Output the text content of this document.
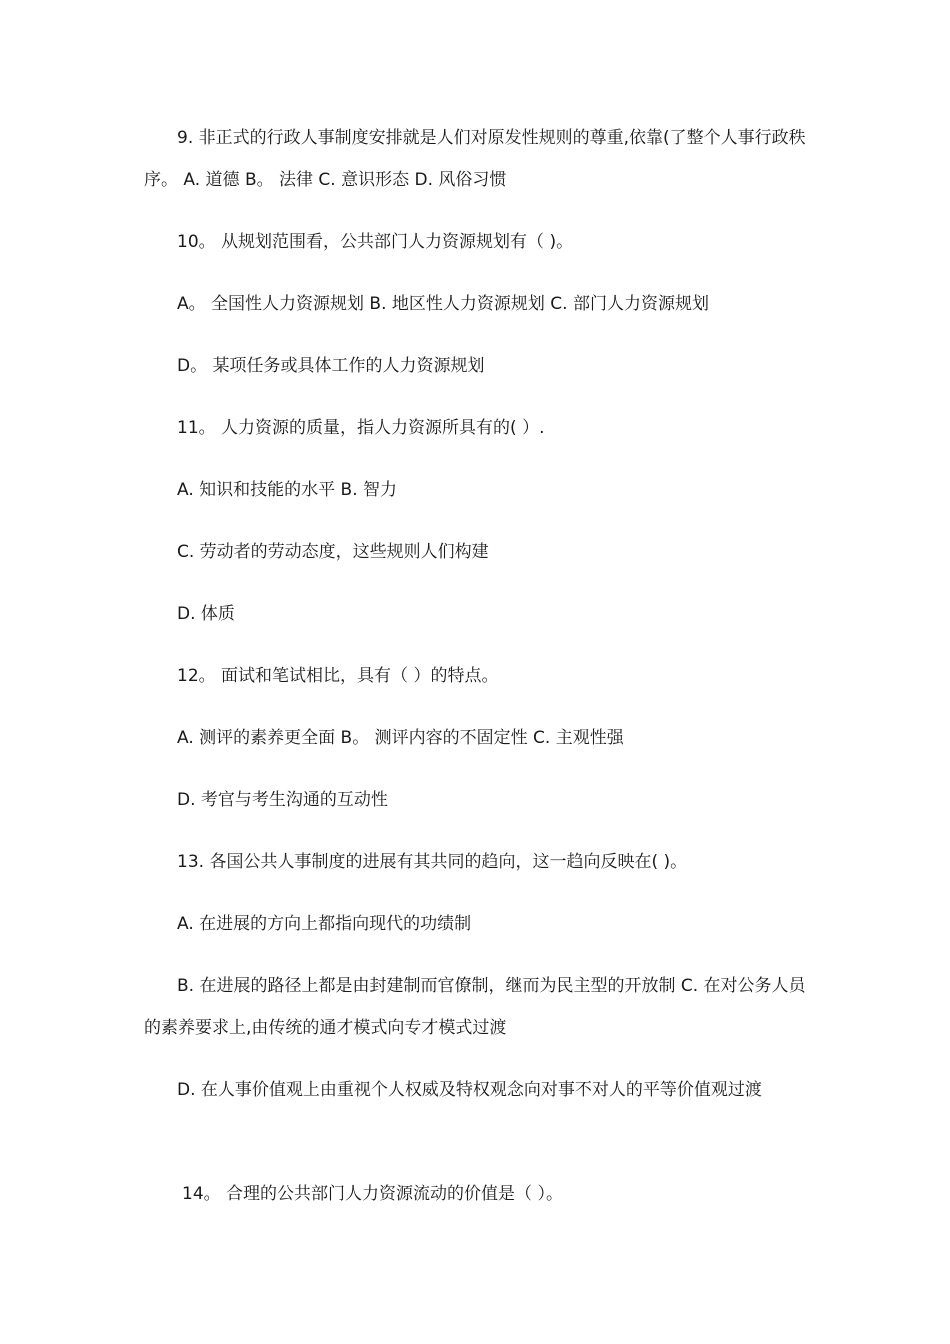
9. 非正式的行政人事制度安排就是人们对原发性规则的尊重,依靠(了整个人事行政秩序。 A. 道德 B。 法律 C. 意识形态 D. 风俗习惯

10。 从规划范围看，公共部门人力资源规划有（ )。

A。 全国性人力资源规划 B. 地区性人力资源规划 C. 部门人力资源规划

D。 某项任务或具体工作的人力资源规划

11。 人力资源的质量，指人力资源所具有的( ）.

A. 知识和技能的水平 B. 智力

C. 劳动者的劳动态度，这些规则人们构建

D. 体质

12。 面试和笔试相比，具有（ ）的特点。

A. 测评的素养更全面 B。 测评内容的不固定性 C. 主观性强

D. 考官与考生沟通的互动性

13. 各国公共人事制度的进展有其共同的趋向，这一趋向反映在( )。

A. 在进展的方向上都指向现代的功绩制

B. 在进展的路径上都是由封建制而官僚制，继而为民主型的开放制 C. 在对公务人员的素养要求上,由传统的通才模式向专才模式过渡

D. 在人事价值观上由重视个人权威及特权观念向对事不对人的平等价值观过渡

14。 合理的公共部门人力资源流动的价值是（ ）。
